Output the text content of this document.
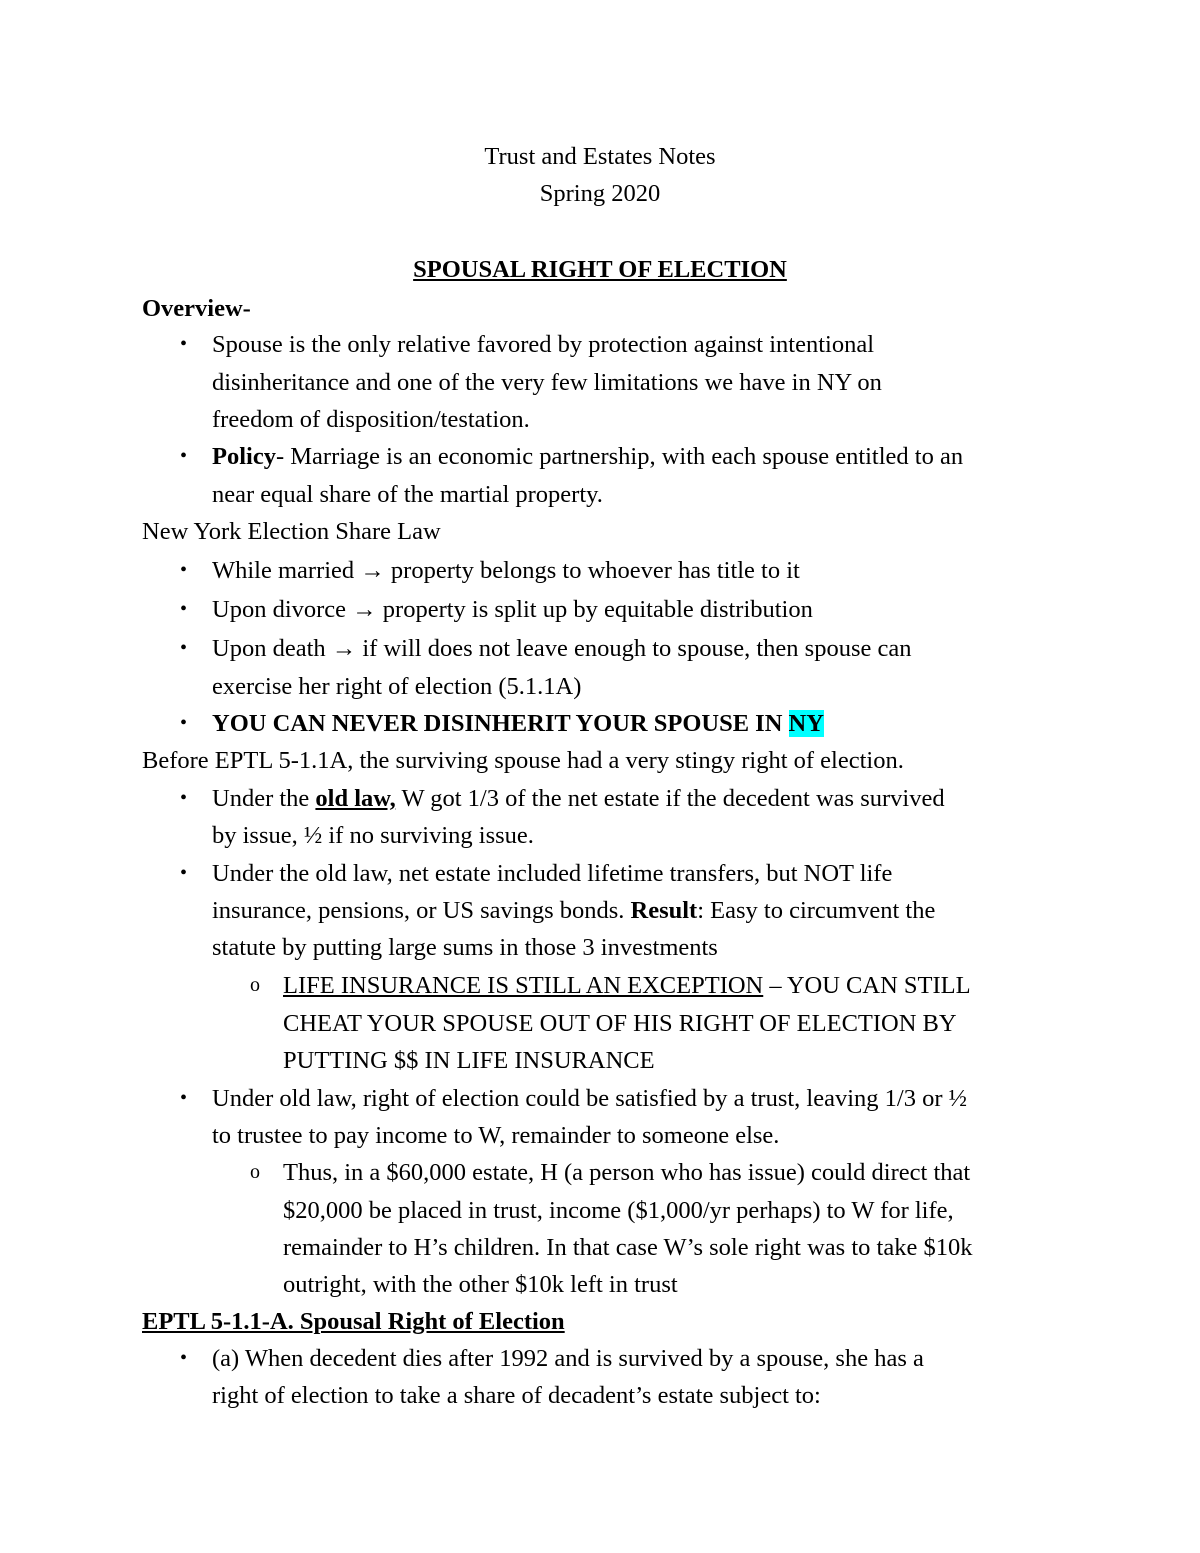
Trust and Estates Notes
Spring 2020
SPOUSAL RIGHT OF ELECTION
Overview-
• Spouse is the only relative favored by protection against intentional
disinheritance and one of the very few limitations we have in NY on
freedom of disposition/testation.
• Policy- Marriage is an economic partnership, with each spouse entitled to an
near equal share of the martial property.
New York Election Share Law
• While married → property belongs to whoever has title to it
• Upon divorce → property is split up by equitable distribution
• Upon death → if will does not leave enough to spouse, then spouse can
exercise her right of election (5.1.1A)
• YOU CAN NEVER DISINHERIT YOUR SPOUSE IN NY
Before EPTL 5-1.1A, the surviving spouse had a very stingy right of election.
• Under the old law, W got 1/3 of the net estate if the decedent was survived
by issue, ½ if no surviving issue.
• Under the old law, net estate included lifetime transfers, but NOT life
insurance, pensions, or US savings bonds. Result: Easy to circumvent the
statute by putting large sums in those 3 investments
o LIFE INSURANCE IS STILL AN EXCEPTION – YOU CAN STILL
CHEAT YOUR SPOUSE OUT OF HIS RIGHT OF ELECTION BY
PUTTING $$ IN LIFE INSURANCE
• Under old law, right of election could be satisfied by a trust, leaving 1/3 or ½
to trustee to pay income to W, remainder to someone else.
o Thus, in a $60,000 estate, H (a person who has issue) could direct that
$20,000 be placed in trust, income ($1,000/yr perhaps) to W for life,
remainder to H’s children. In that case W’s sole right was to take $10k
outright, with the other $10k left in trust
EPTL 5-1.1-A. Spousal Right of Election
• (a) When decedent dies after 1992 and is survived by a spouse, she has a
right of election to take a share of decadent’s estate subject to:
